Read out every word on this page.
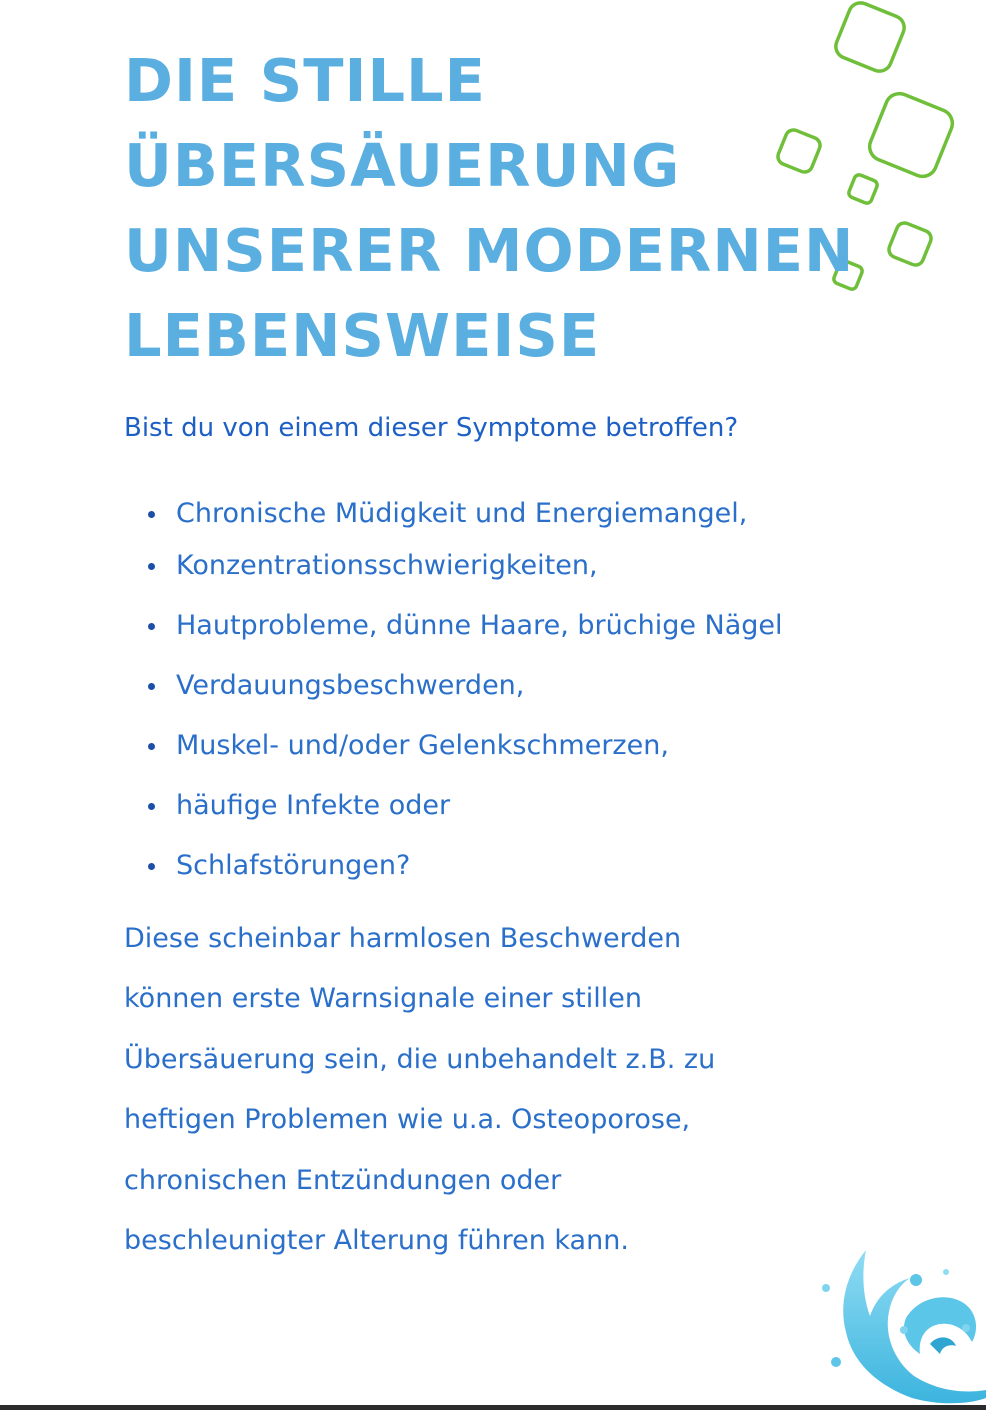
DIE STILLE
ÜBERSÄUERUNG
UNSERER MODERNEN
LEBENSWEISE

Bist du von einem dieser Symptome betroffen?

Chronische Müdigkeit und Energiemangel,
Konzentrationsschwierigkeiten,
Hautprobleme, dünne Haare, brüchige Nägel
Verdauungsbeschwerden,
Muskel- und/oder Gelenkschmerzen,
häufige Infekte oder
Schlafstörungen?

Diese scheinbar harmlosen Beschwerden
können erste Warnsignale einer stillen
Übersäuerung sein, die unbehandelt z.B. zu
heftigen Problemen wie u.a. Osteoporose,
chronischen Entzündungen oder
beschleunigter Alterung führen kann.
